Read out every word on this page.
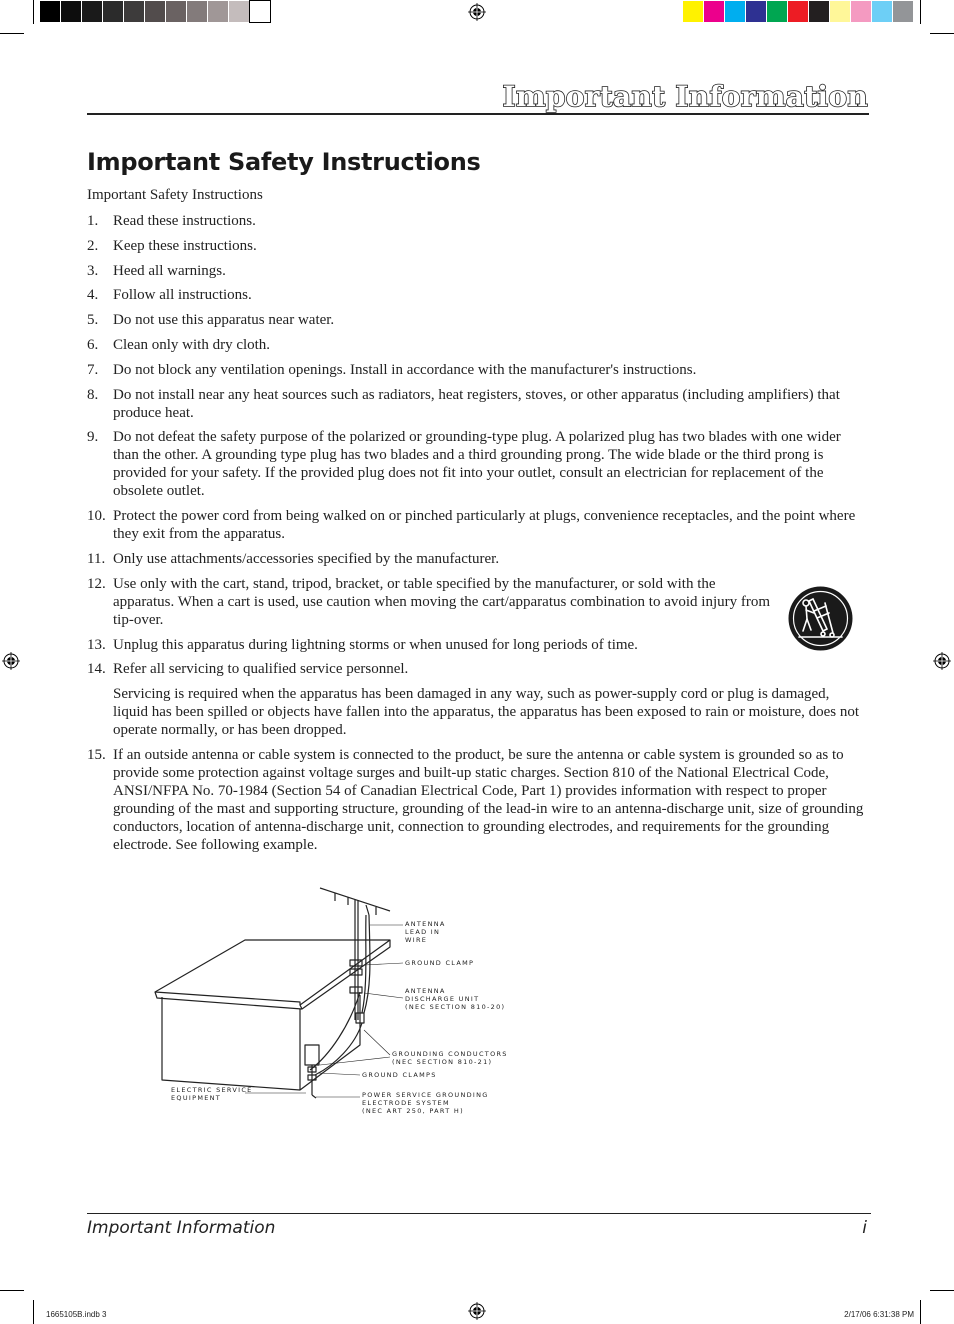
Important Information
Important Safety Instructions
Important Safety Instructions
1. Read these instructions.
2. Keep these instructions.
3. Heed all warnings.
4. Follow all instructions.
5. Do not use this apparatus near water.
6. Clean only with dry cloth.
7. Do not block any ventilation openings. Install in accordance with the manufacturer's instructions.
8. Do not install near any heat sources such as radiators, heat registers, stoves, or other apparatus (including amplifiers) that produce heat.
9. Do not defeat the safety purpose of the polarized or grounding-type plug. A polarized plug has two blades with one wider than the other. A grounding type plug has two blades and a third grounding prong. The wide blade or the third prong is provided for your safety. If the provided plug does not fit into your outlet, consult an electrician for replacement of the obsolete outlet.
10. Protect the power cord from being walked on or pinched particularly at plugs, convenience receptacles, and the point where they exit from the apparatus.
11. Only use attachments/accessories specified by the manufacturer.
12. Use only with the cart, stand, tripod, bracket, or table specified by the manufacturer, or sold with the apparatus. When a cart is used, use caution when moving the cart/apparatus combination to avoid injury from tip-over.
13. Unplug this apparatus during lightning storms or when unused for long periods of time.
14. Refer all servicing to qualified service personnel.

Servicing is required when the apparatus has been damaged in any way, such as power-supply cord or plug is damaged, liquid has been spilled or objects have fallen into the apparatus, the apparatus has been exposed to rain or moisture, does not operate normally, or has been dropped.

15. If an outside antenna or cable system is connected to the product, be sure the antenna or cable system is grounded so as to provide some protection against voltage surges and built-up static charges. Section 810 of the National Electrical Code, ANSI/NFPA No. 70-1984 (Section 54 of Canadian Electrical Code, Part 1) provides information with respect to proper grounding of the mast and supporting structure, grounding of the lead-in wire to an antenna-discharge unit, size of grounding conductors, location of antenna-discharge unit, connection to grounding electrodes, and requirements for the grounding electrode. See following example.
ANTENNA
LEAD IN
WIRE
GROUND CLAMP
ANTENNA
DISCHARGE UNIT
(NEC SECTION 810-20)
GROUNDING CONDUCTORS
(NEC SECTION 810-21)
GROUND CLAMPS
ELECTRIC SERVICE
EQUIPMENT	POWER SERVICE GROUNDING
ELECTRODE SYSTEM
(NEC ART 250, PART H)
Important Information	i
1665105B.indb 3	2/17/06 6:31:38 PM
